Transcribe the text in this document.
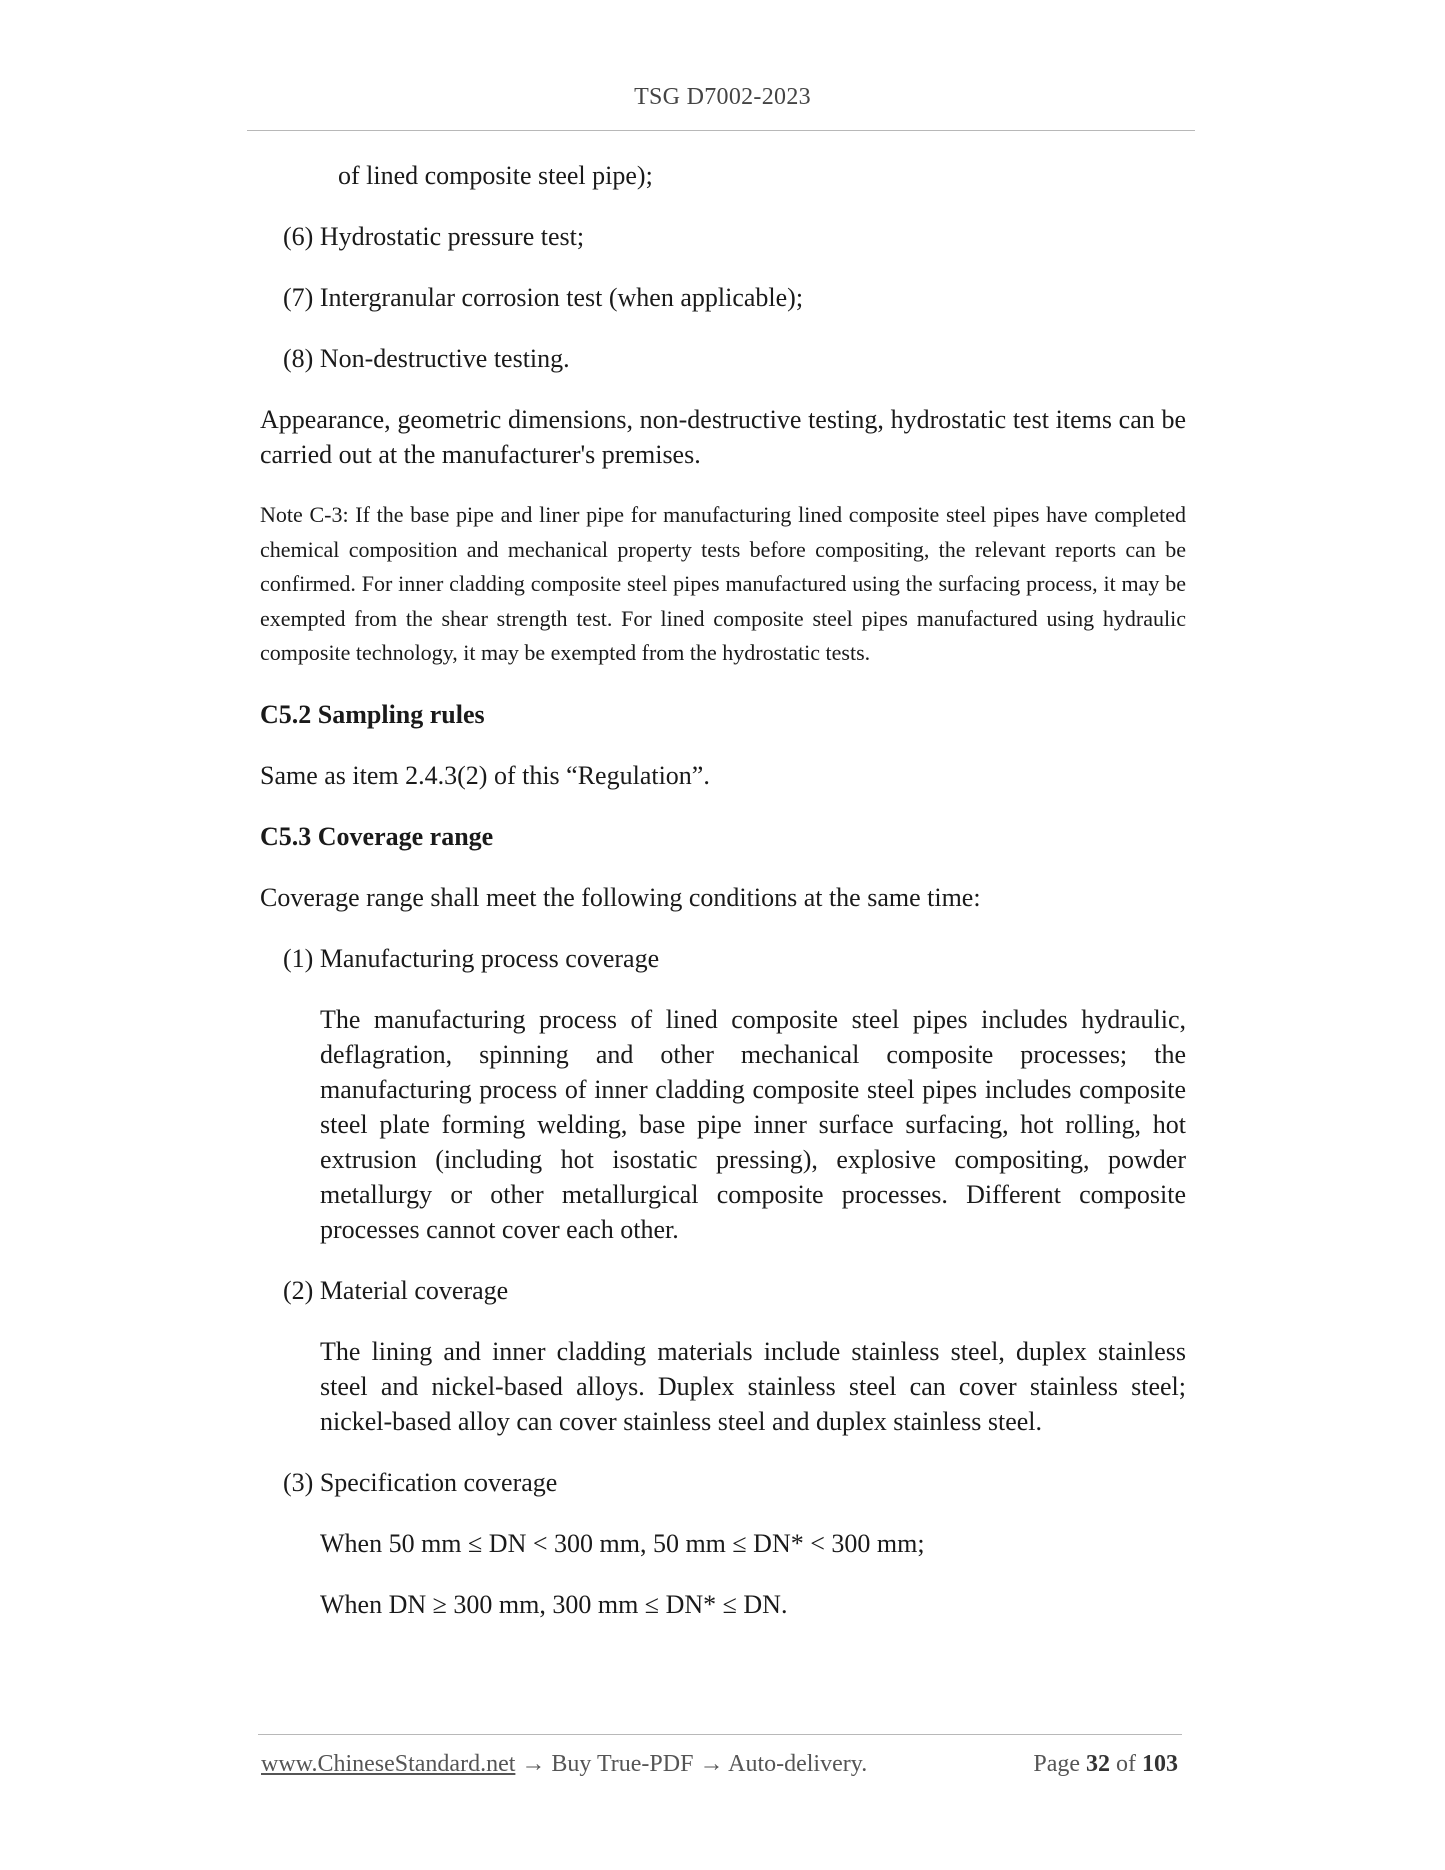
TSG D7002-2023

of lined composite steel pipe);

(6) Hydrostatic pressure test;

(7) Intergranular corrosion test (when applicable);

(8) Non-destructive testing.

Appearance, geometric dimensions, non-destructive testing, hydrostatic test items can be carried out at the manufacturer's premises.

Note C-3: If the base pipe and liner pipe for manufacturing lined composite steel pipes have completed chemical composition and mechanical property tests before compositing, the relevant reports can be confirmed. For inner cladding composite steel pipes manufactured using the surfacing process, it may be exempted from the shear strength test. For lined composite steel pipes manufactured using hydraulic composite technology, it may be exempted from the hydrostatic tests.

C5.2 Sampling rules

Same as item 2.4.3(2) of this “Regulation”.

C5.3 Coverage range

Coverage range shall meet the following conditions at the same time:

(1) Manufacturing process coverage

The manufacturing process of lined composite steel pipes includes hydraulic, deflagration, spinning and other mechanical composite processes; the manufacturing process of inner cladding composite steel pipes includes composite steel plate forming welding, base pipe inner surface surfacing, hot rolling, hot extrusion (including hot isostatic pressing), explosive compositing, powder metallurgy or other metallurgical composite processes. Different composite processes cannot cover each other.

(2) Material coverage

The lining and inner cladding materials include stainless steel, duplex stainless steel and nickel-based alloys. Duplex stainless steel can cover stainless steel; nickel-based alloy can cover stainless steel and duplex stainless steel.

(3) Specification coverage

When 50 mm ≤ DN < 300 mm, 50 mm ≤ DN* < 300 mm;

When DN ≥ 300 mm, 300 mm ≤ DN* ≤ DN.

www.ChineseStandard.net → Buy True-PDF → Auto-delivery.	Page 32 of 103
